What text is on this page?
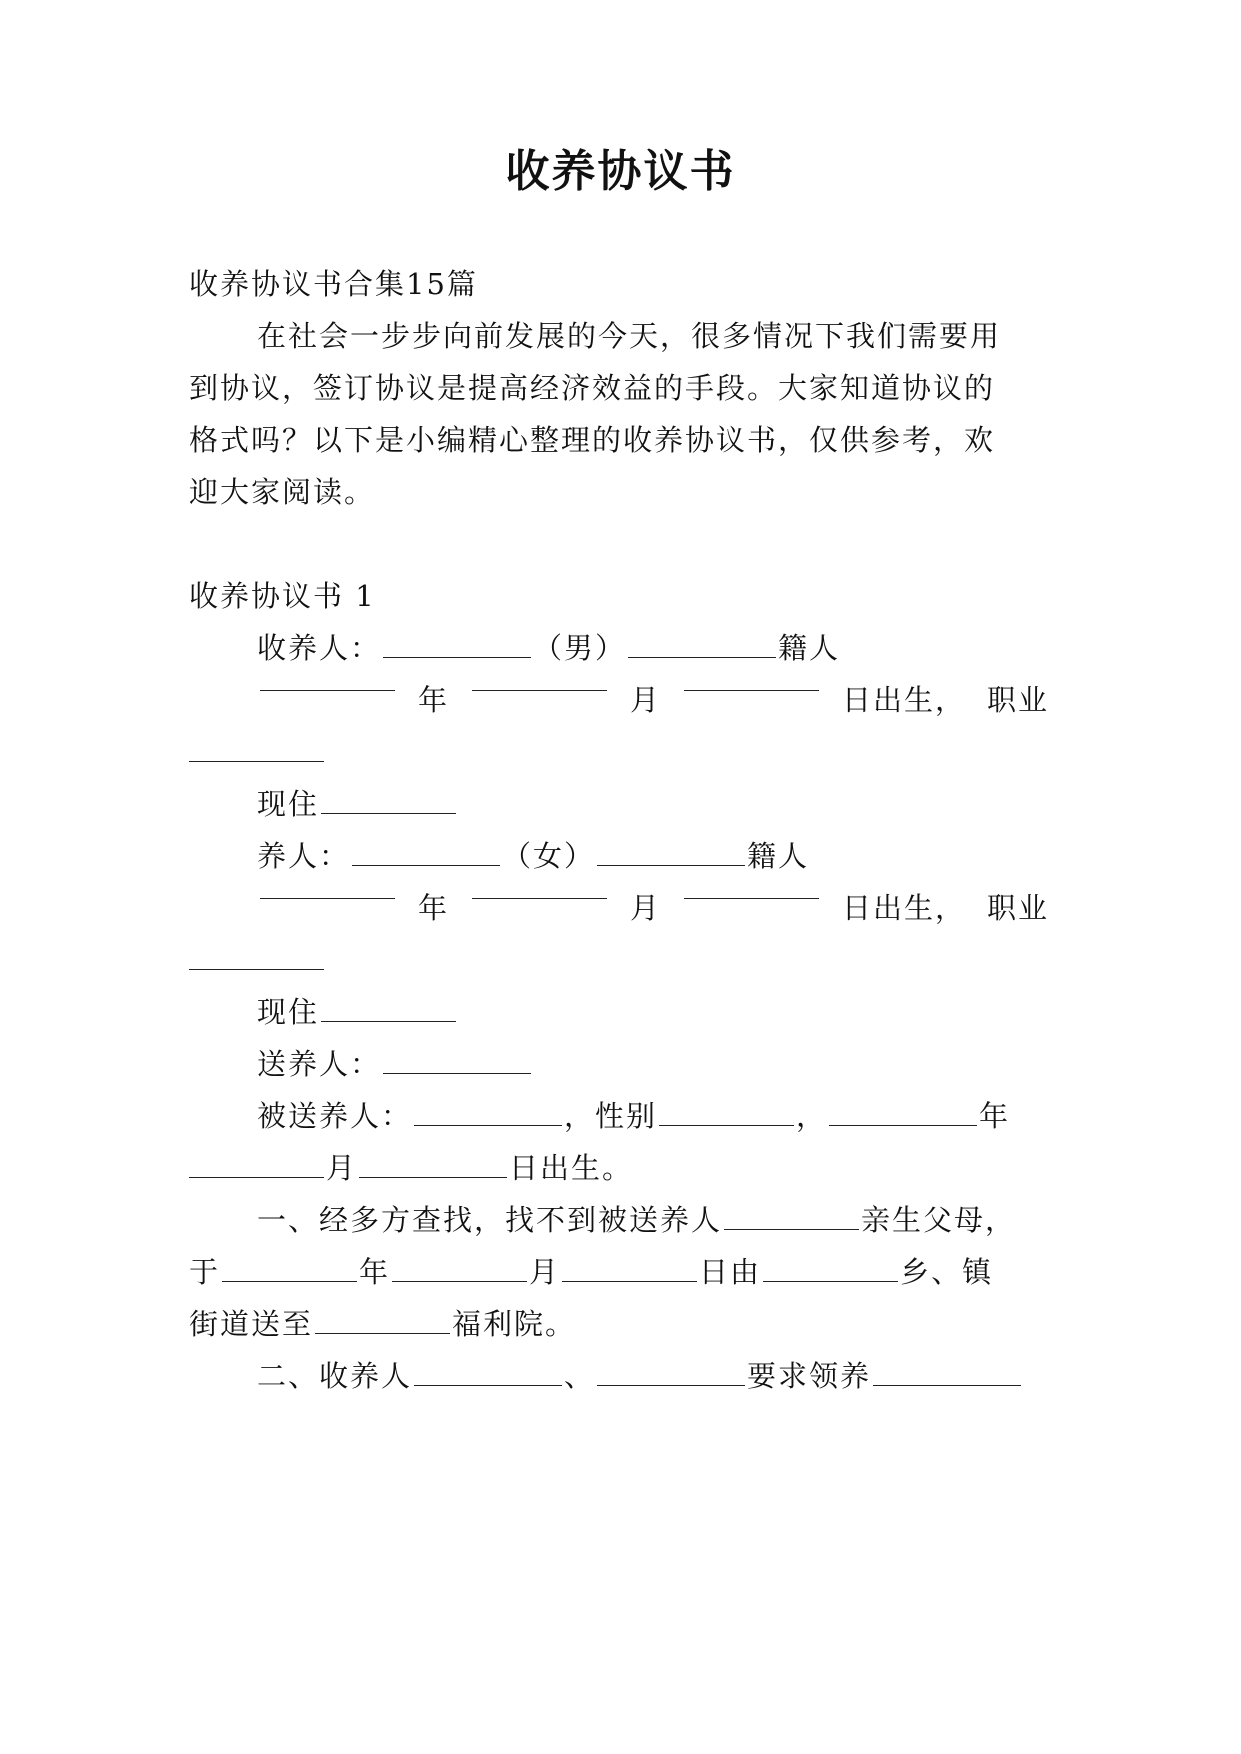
收养协议书
收养协议书合集15篇
在社会一步步向前发展的今天，很多情况下我们需要用
到协议，签订协议是提高经济效益的手段。大家知道协议的
格式吗？以下是小编精心整理的收养协议书，仅供参考，欢
迎大家阅读。
收养协议书 1
收养人：	（男）	籍人
年	月	日出生， 职业
现住
养人：	（女）	籍人
年	月	日出生， 职业
现住
送养人：
被送养人：	，性别	，	年
月	日出生。
一、经多方查找，找不到被送养人	亲生父母，
于	年	月	日由	乡、镇
街道送至	福利院。
二、收养人	、	要求领养
